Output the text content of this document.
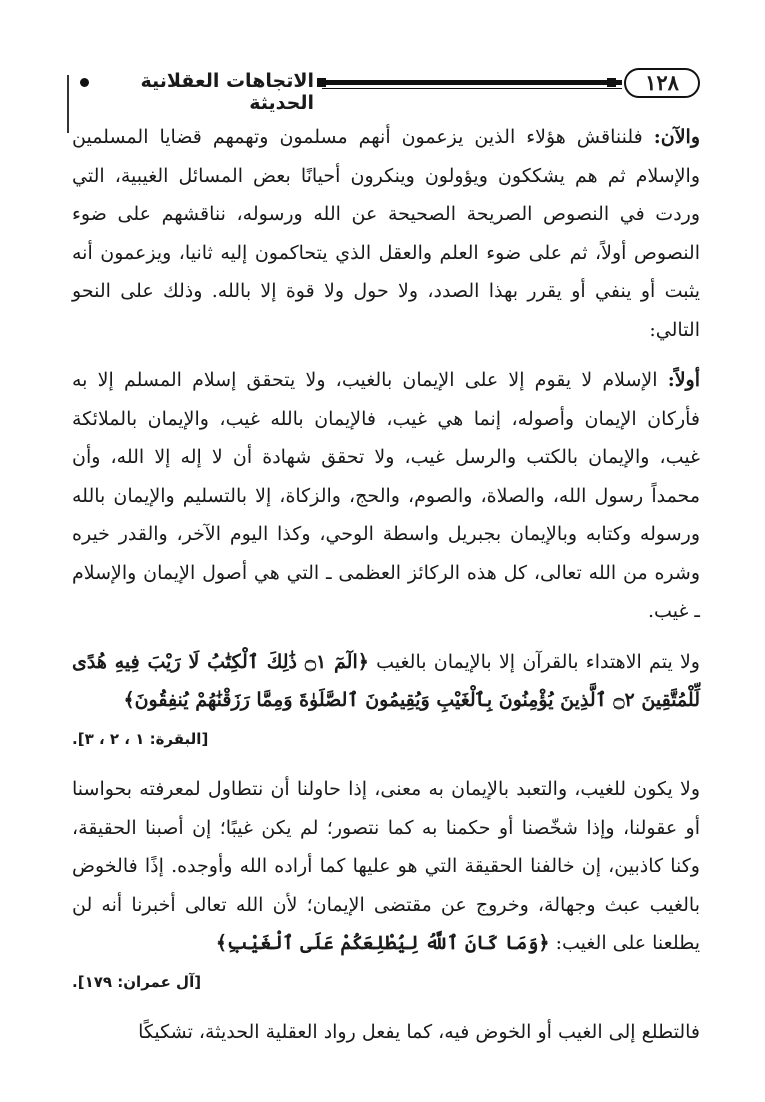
١٢٨
الاتجاهات العقلانية الحديثة

والآن: فلنناقش هؤلاء الذين يزعمون أنهم مسلمون وتهمهم قضايا المسلمين والإسلام ثم هم يشككون ويؤولون وينكرون أحيانًا بعض المسائل الغيبية، التي وردت في النصوص الصريحة الصحيحة عن الله ورسوله، نناقشهم على ضوء النصوص أولاً، ثم على ضوء العلم والعقل الذي يتحاكمون إليه ثانيا، ويزعمون أنه يثبت أو ينفي أو يقرر بهذا الصدد، ولا حول ولا قوة إلا بالله. وذلك على النحو التالي:

أولاً: الإسلام لا يقوم إلا على الإيمان بالغيب، ولا يتحقق إسلام المسلم إلا به فأركان الإيمان وأصوله، إنما هي غيب، فالإيمان بالله غيب، والإيمان بالملائكة غيب، والإيمان بالكتب والرسل غيب، ولا تحقق شهادة أن لا إله إلا الله، وأن محمداً رسول الله، والصلاة، والصوم، والحج، والزكاة، إلا بالتسليم والإيمان بالله ورسوله وكتابه وبالإيمان بجبريل واسطة الوحي، وكذا اليوم الآخر، والقدر خيره وشره من الله تعالى، كل هذه الركائز العظمى ـ التي هي أصول الإيمان والإسلام ـ غيب.

ولا يتم الاهتداء بالقرآن إلا بالإيمان بالغيب ﴿الٓمٓ ۝١ ذَٰلِكَ ٱلْكِتَٰبُ لَا رَيْبَ فِيهِ هُدًى لِّلْمُتَّقِينَ ۝٢ ٱلَّذِينَ يُؤْمِنُونَ بِٱلْغَيْبِ وَيُقِيمُونَ ٱلصَّلَوٰةَ وَمِمَّا رَزَقْنَٰهُمْ يُنفِقُونَ﴾

[البقرة: ١ ، ٢ ، ٣].

ولا يكون للغيب، والتعبد بالإيمان به معنى، إذا حاولنا أن نتطاول لمعرفته بحواسنا أو عقولنا، وإذا شخّصنا أو حكمنا به كما نتصور؛ لم يكن غيبًا؛ إن أصبنا الحقيقة، وكنا كاذبين، إن خالفنا الحقيقة التي هو عليها كما أراده الله وأوجده. إذًا فالخوض بالغيب عبث وجهالة، وخروج عن مقتضى الإيمان؛ لأن الله تعالى أخبرنا أنه لن يطلعنا على الغيب: ﴿وَمَا كَانَ ٱللَّهُ لِيُطْلِعَكُمْ عَلَى ٱلْغَيْبِ﴾

[آل عمران: ١٧٩].

فالتطلع إلى الغيب أو الخوض فيه، كما يفعل رواد العقلية الحديثة، تشكيكًا
